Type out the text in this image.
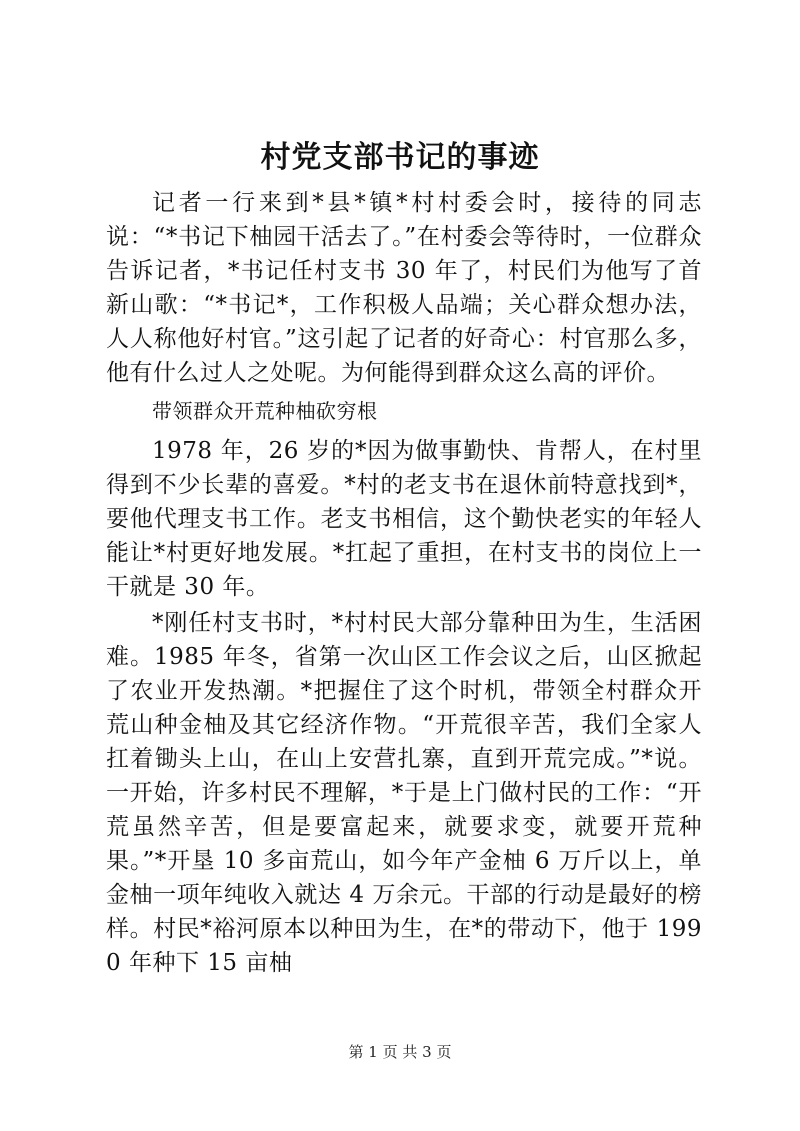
村党支部书记的事迹

记者一行来到*县*镇*村村委会时，接待的同志说：“*书记下柚园干活去了。”在村委会等待时，一位群众告诉记者，*书记任村支书 30 年了，村民们为他写了首新山歌：“*书记*，工作积极人品端；关心群众想办法，人人称他好村官。”这引起了记者的好奇心：村官那么多，他有什么过人之处呢。为何能得到群众这么高的评价。

带领群众开荒种柚砍穷根

1978 年，26 岁的*因为做事勤快、肯帮人，在村里得到不少长辈的喜爱。*村的老支书在退休前特意找到*，要他代理支书工作。老支书相信，这个勤快老实的年轻人能让*村更好地发展。*扛起了重担，在村支书的岗位上一干就是 30 年。

*刚任村支书时，*村村民大部分靠种田为生，生活困难。1985 年冬，省第一次山区工作会议之后，山区掀起了农业开发热潮。*把握住了这个时机，带领全村群众开荒山种金柚及其它经济作物。“开荒很辛苦，我们全家人扛着锄头上山，在山上安营扎寨，直到开荒完成。”*说。一开始，许多村民不理解，*于是上门做村民的工作：“开荒虽然辛苦，但是要富起来，就要求变，就要开荒种果。”*开垦 10 多亩荒山，如今年产金柚 6 万斤以上，单金柚一项年纯收入就达 4 万余元。干部的行动是最好的榜样。村民*裕河原本以种田为生，在*的带动下，他于 1990 年种下 15 亩柚

第 1 页 共 3 页
